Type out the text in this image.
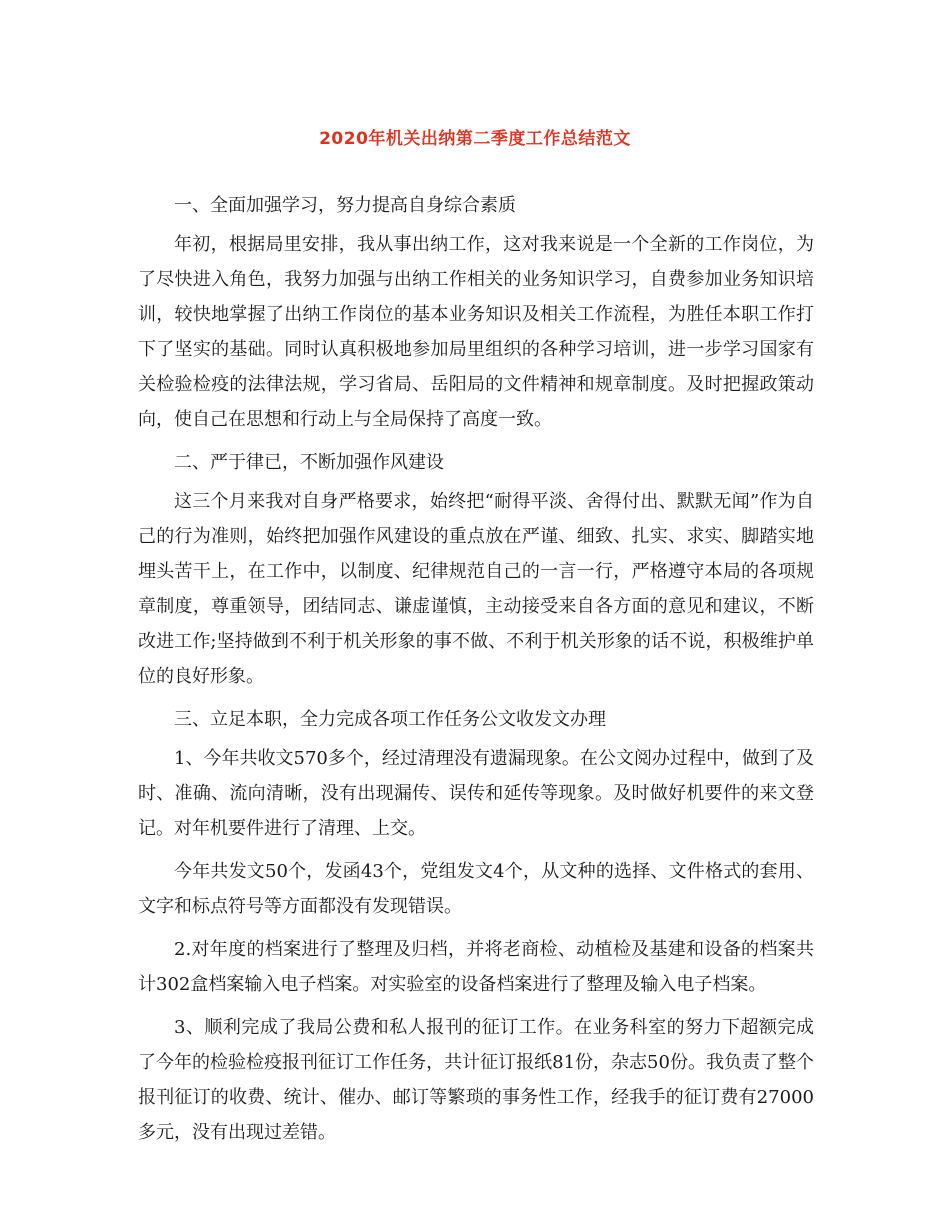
2020年机关出纳第二季度工作总结范文

一、全面加强学习，努力提高自身综合素质

年初，根据局里安排，我从事出纳工作，这对我来说是一个全新的工作岗位，为了尽快进入角色，我努力加强与出纳工作相关的业务知识学习，自费参加业务知识培训，较快地掌握了出纳工作岗位的基本业务知识及相关工作流程，为胜任本职工作打下了坚实的基础。同时认真积极地参加局里组织的各种学习培训，进一步学习国家有关检验检疫的法律法规，学习省局、岳阳局的文件精神和规章制度。及时把握政策动向，使自己在思想和行动上与全局保持了高度一致。

二、严于律已，不断加强作风建设

这三个月来我对自身严格要求，始终把“耐得平淡、舍得付出、默默无闻”作为自己的行为准则，始终把加强作风建设的重点放在严谨、细致、扎实、求实、脚踏实地埋头苦干上，在工作中，以制度、纪律规范自己的一言一行，严格遵守本局的各项规章制度，尊重领导，团结同志、谦虚谨慎，主动接受来自各方面的意见和建议，不断改进工作;坚持做到不利于机关形象的事不做、不利于机关形象的话不说，积极维护单位的良好形象。

三、立足本职，全力完成各项工作任务公文收发文办理

1、今年共收文570多个，经过清理没有遗漏现象。在公文阅办过程中，做到了及时、准确、流向清晰，没有出现漏传、误传和延传等现象。及时做好机要件的来文登记。对年机要件进行了清理、上交。

今年共发文50个，发函43个，党组发文4个，从文种的选择、文件格式的套用、文字和标点符号等方面都没有发现错误。

2.对年度的档案进行了整理及归档，并将老商检、动植检及基建和设备的档案共计302盒档案输入电子档案。对实验室的设备档案进行了整理及输入电子档案。

3、顺利完成了我局公费和私人报刊的征订工作。在业务科室的努力下超额完成了今年的检验检疫报刊征订工作任务，共计征订报纸81份，杂志50份。我负责了整个报刊征订的收费、统计、催办、邮订等繁琐的事务性工作，经我手的征订费有27000多元，没有出现过差错。
